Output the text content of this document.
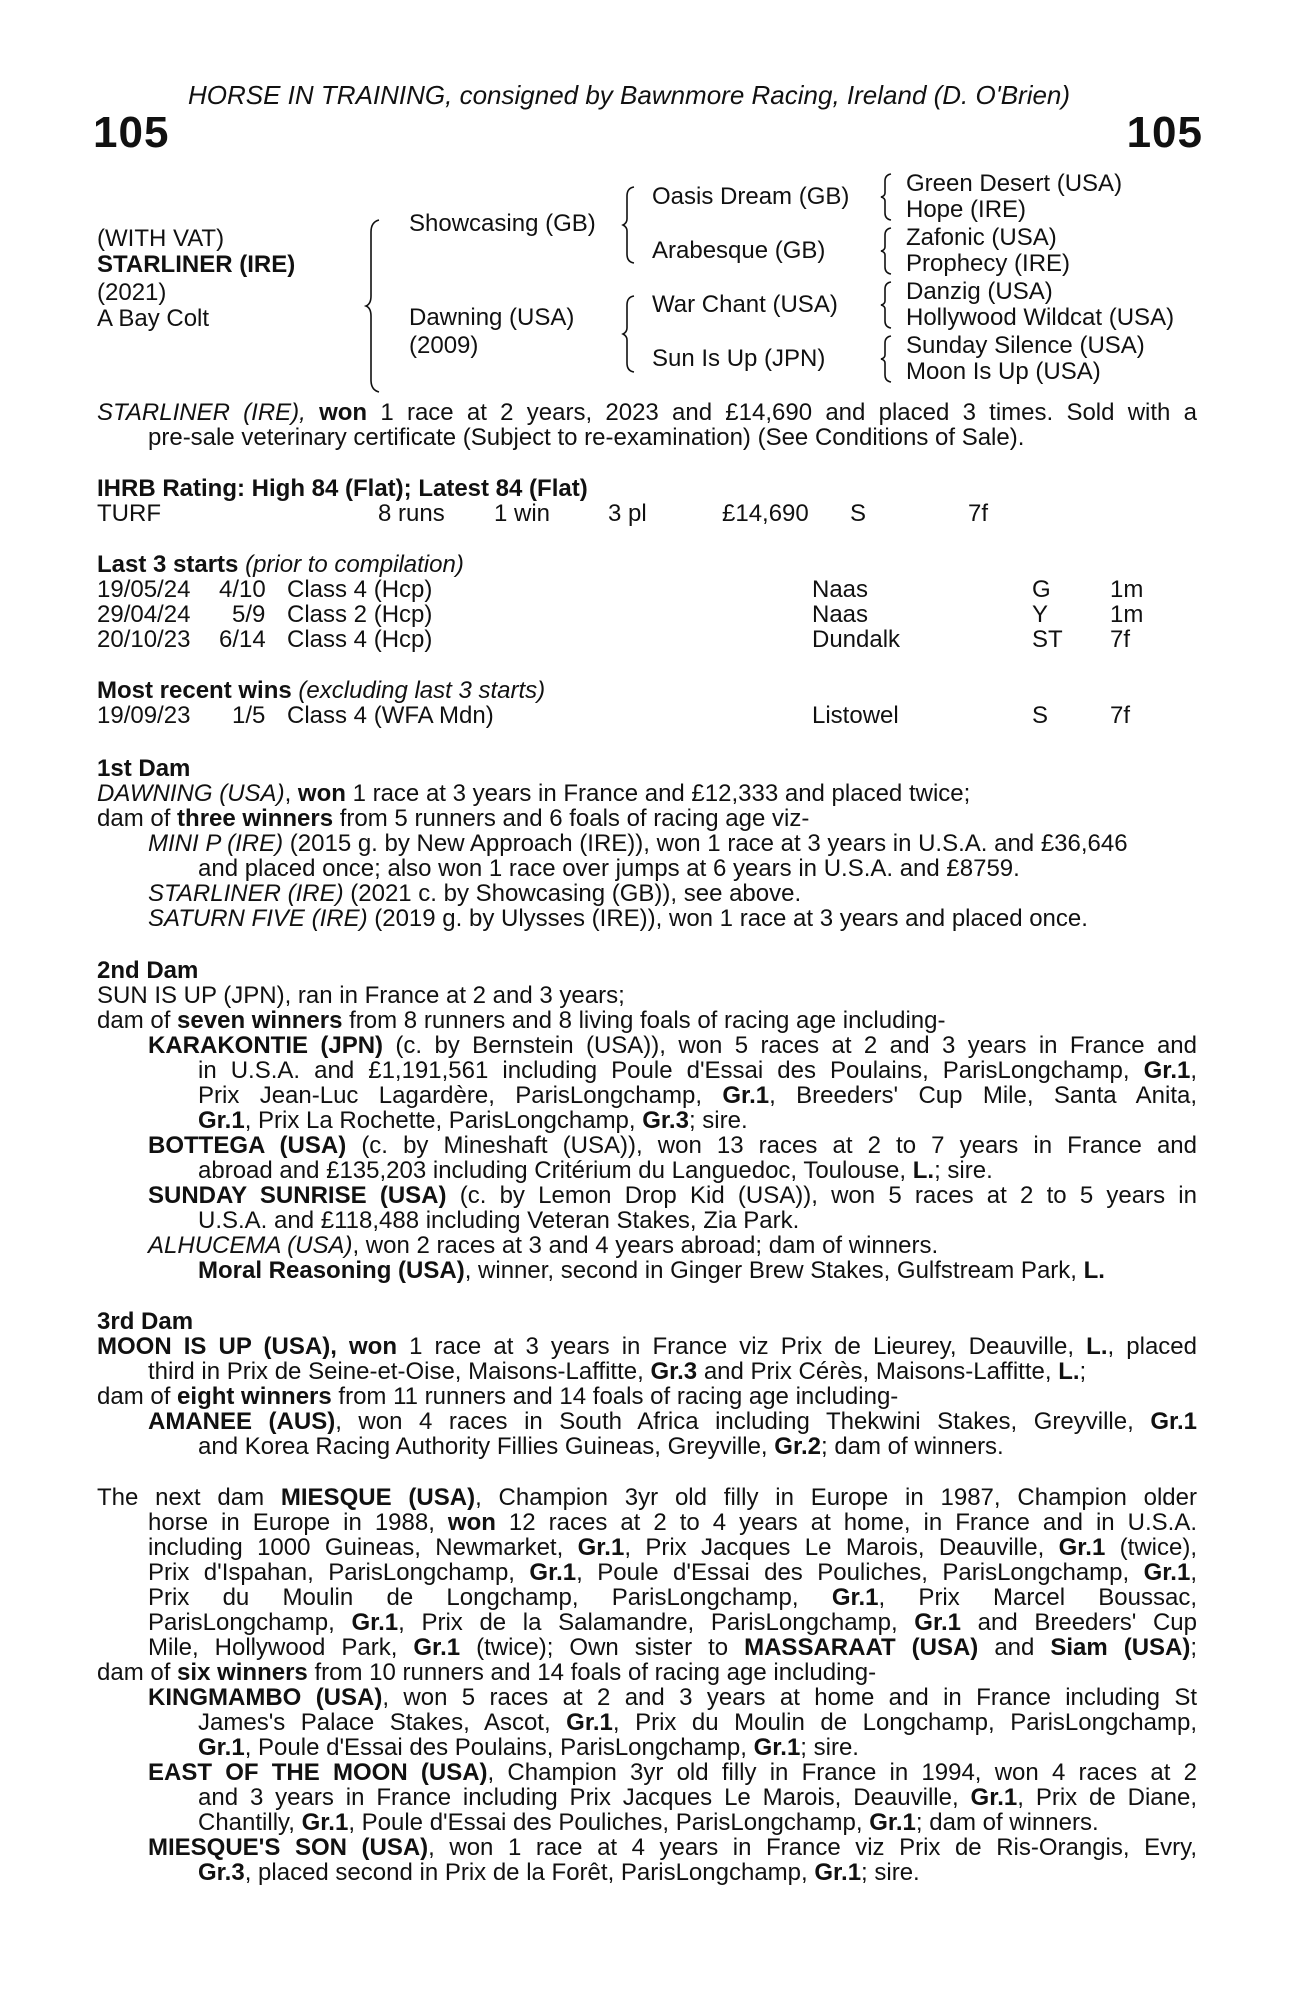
HORSE IN TRAINING, consigned by Bawnmore Racing, Ireland (D. O'Brien)
105	105
(WITH VAT)
STARLINER (IRE)
(2021)
A Bay Colt
Showcasing (GB)
Dawning (USA)
(2009)
Oasis Dream (GB)
Arabesque (GB)
War Chant (USA)
Sun Is Up (JPN)
Green Desert (USA)
Hope (IRE)
Zafonic (USA)
Prophecy (IRE)
Danzig (USA)
Hollywood Wildcat (USA)
Sunday Silence (USA)
Moon Is Up (USA)
STARLINER (IRE), won 1 race at 2 years, 2023 and £14,690 and placed 3 times. Sold with a
pre-sale veterinary certificate (Subject to re-examination) (See Conditions of Sale).
IHRB Rating: High 84 (Flat); Latest 84 (Flat)
TURF	8 runs 1 win 3 pl	£14,690 S	7f
Last 3 starts (prior to compilation)
19/05/24 4/10 Class 4 (Hcp)	Naas	G 1m
29/04/24 5/9 Class 2 (Hcp)	Naas	Y	1m
20/10/23 6/14 Class 4 (Hcp)	Dundalk	ST 7f
Most recent wins (excluding last 3 starts)
19/09/23 1/5 Class 4 (WFA Mdn)	Listowel	S	7f
1st Dam
DAWNING (USA), won 1 race at 3 years in France and £12,333 and placed twice;
dam of three winners from 5 runners and 6 foals of racing age viz-
MINI P (IRE) (2015 g. by New Approach (IRE)), won 1 race at 3 years in U.S.A. and £36,646
and placed once; also won 1 race over jumps at 6 years in U.S.A. and £8759.
STARLINER (IRE) (2021 c. by Showcasing (GB)), see above.
SATURN FIVE (IRE) (2019 g. by Ulysses (IRE)), won 1 race at 3 years and placed once.
2nd Dam
SUN IS UP (JPN), ran in France at 2 and 3 years;
dam of seven winners from 8 runners and 8 living foals of racing age including-
KARAKONTIE (JPN) (c. by Bernstein (USA)), won 5 races at 2 and 3 years in France and
in U.S.A. and £1,191,561 including Poule d'Essai des Poulains, ParisLongchamp, Gr.1,
Prix Jean-Luc Lagardère, ParisLongchamp, Gr.1, Breeders' Cup Mile, Santa Anita,
Gr.1, Prix La Rochette, ParisLongchamp, Gr.3; sire.
BOTTEGA (USA) (c. by Mineshaft (USA)), won 13 races at 2 to 7 years in France and
abroad and £135,203 including Critérium du Languedoc, Toulouse, L.; sire.
SUNDAY SUNRISE (USA) (c. by Lemon Drop Kid (USA)), won 5 races at 2 to 5 years in
U.S.A. and £118,488 including Veteran Stakes, Zia Park.
ALHUCEMA (USA), won 2 races at 3 and 4 years abroad; dam of winners.
Moral Reasoning (USA), winner, second in Ginger Brew Stakes, Gulfstream Park, L.
3rd Dam
MOON IS UP (USA), won 1 race at 3 years in France viz Prix de Lieurey, Deauville, L., placed
third in Prix de Seine-et-Oise, Maisons-Laffitte, Gr.3 and Prix Cérès, Maisons-Laffitte, L.;
dam of eight winners from 11 runners and 14 foals of racing age including-
AMANEE (AUS), won 4 races in South Africa including Thekwini Stakes, Greyville, Gr.1
and Korea Racing Authority Fillies Guineas, Greyville, Gr.2; dam of winners.
The next dam MIESQUE (USA), Champion 3yr old filly in Europe in 1987, Champion older
horse in Europe in 1988, won 12 races at 2 to 4 years at home, in France and in U.S.A.
including 1000 Guineas, Newmarket, Gr.1, Prix Jacques Le Marois, Deauville, Gr.1 (twice),
Prix d'Ispahan, ParisLongchamp, Gr.1, Poule d'Essai des Pouliches, ParisLongchamp, Gr.1,
Prix du Moulin de Longchamp, ParisLongchamp, Gr.1, Prix Marcel Boussac,
ParisLongchamp, Gr.1, Prix de la Salamandre, ParisLongchamp, Gr.1 and Breeders' Cup
Mile, Hollywood Park, Gr.1 (twice); Own sister to MASSARAAT (USA) and Siam (USA);
dam of six winners from 10 runners and 14 foals of racing age including-
KINGMAMBO (USA), won 5 races at 2 and 3 years at home and in France including St
James's Palace Stakes, Ascot, Gr.1, Prix du Moulin de Longchamp, ParisLongchamp,
Gr.1, Poule d'Essai des Poulains, ParisLongchamp, Gr.1; sire.
EAST OF THE MOON (USA), Champion 3yr old filly in France in 1994, won 4 races at 2
and 3 years in France including Prix Jacques Le Marois, Deauville, Gr.1, Prix de Diane,
Chantilly, Gr.1, Poule d'Essai des Pouliches, ParisLongchamp, Gr.1; dam of winners.
MIESQUE'S SON (USA), won 1 race at 4 years in France viz Prix de Ris-Orangis, Evry,
Gr.3, placed second in Prix de la Forêt, ParisLongchamp, Gr.1; sire.
